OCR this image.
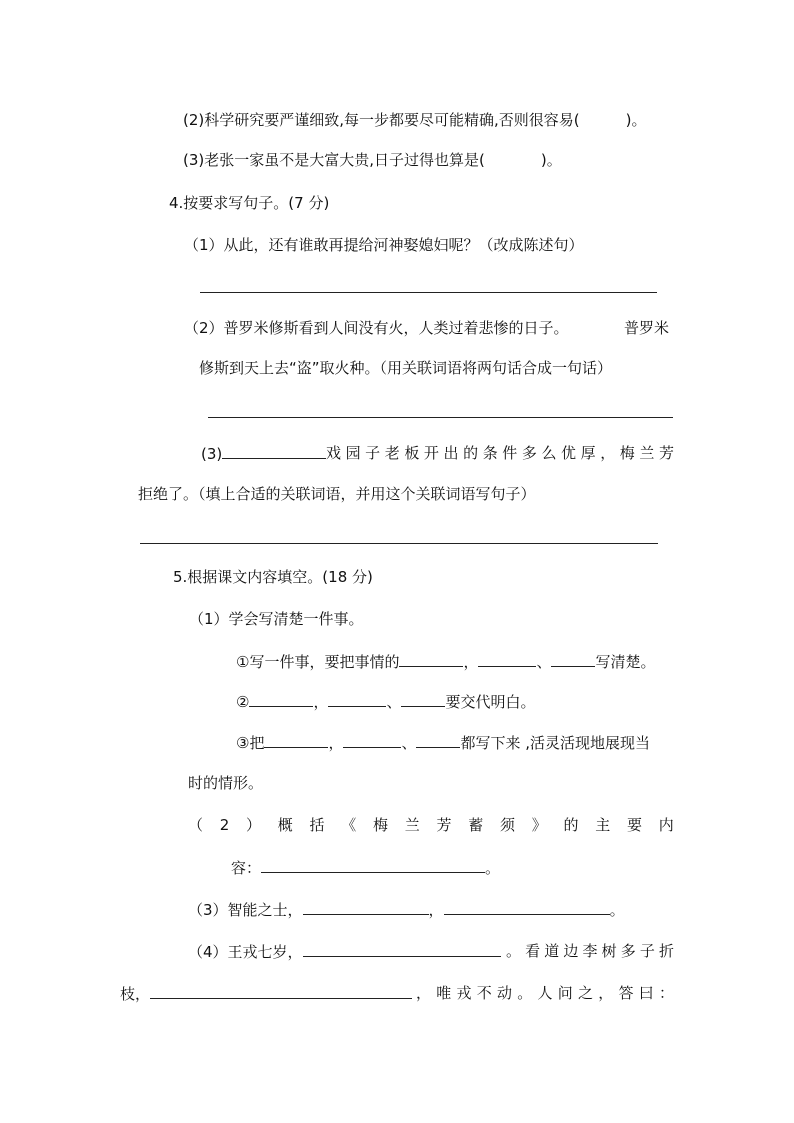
(2)科学研究要严谨细致,每一步都要尽可能精确,否则很容易(	)。
(3)老张一家虽不是大富大贵,日子过得也算是(	)。
4.按要求写句子。(7 分)
（1）从此，还有谁敢再提给河神娶媳妇呢？（改成陈述句）
（2）普罗米修斯看到人间没有火，人类过着悲惨的日子。	普罗米
修斯到天上去“盗”取火种。（用关联词语将两句话合成一句话）
(3)	戏园子老板开出的条件多么优厚，梅兰芳
拒绝了。（填上合适的关联词语，并用这个关联词语写句子）
5.根据课文内容填空。(18 分)
（1）学会写清楚一件事。
①写一件事，要把事情的	，	、	写清楚。
②	，	、	要交代明白。
③把	，	、	都写下来 ,活灵活现地展现当
时的情形。
（ 2 ） 概 括 《 梅 兰 芳 蓄 须 》 的 主 要 内
容：	。
（3）智能之士，	，	。
（4）王戎七岁，	。看道边李树多子折
枝，	，唯戎不动。人问之，答曰：
